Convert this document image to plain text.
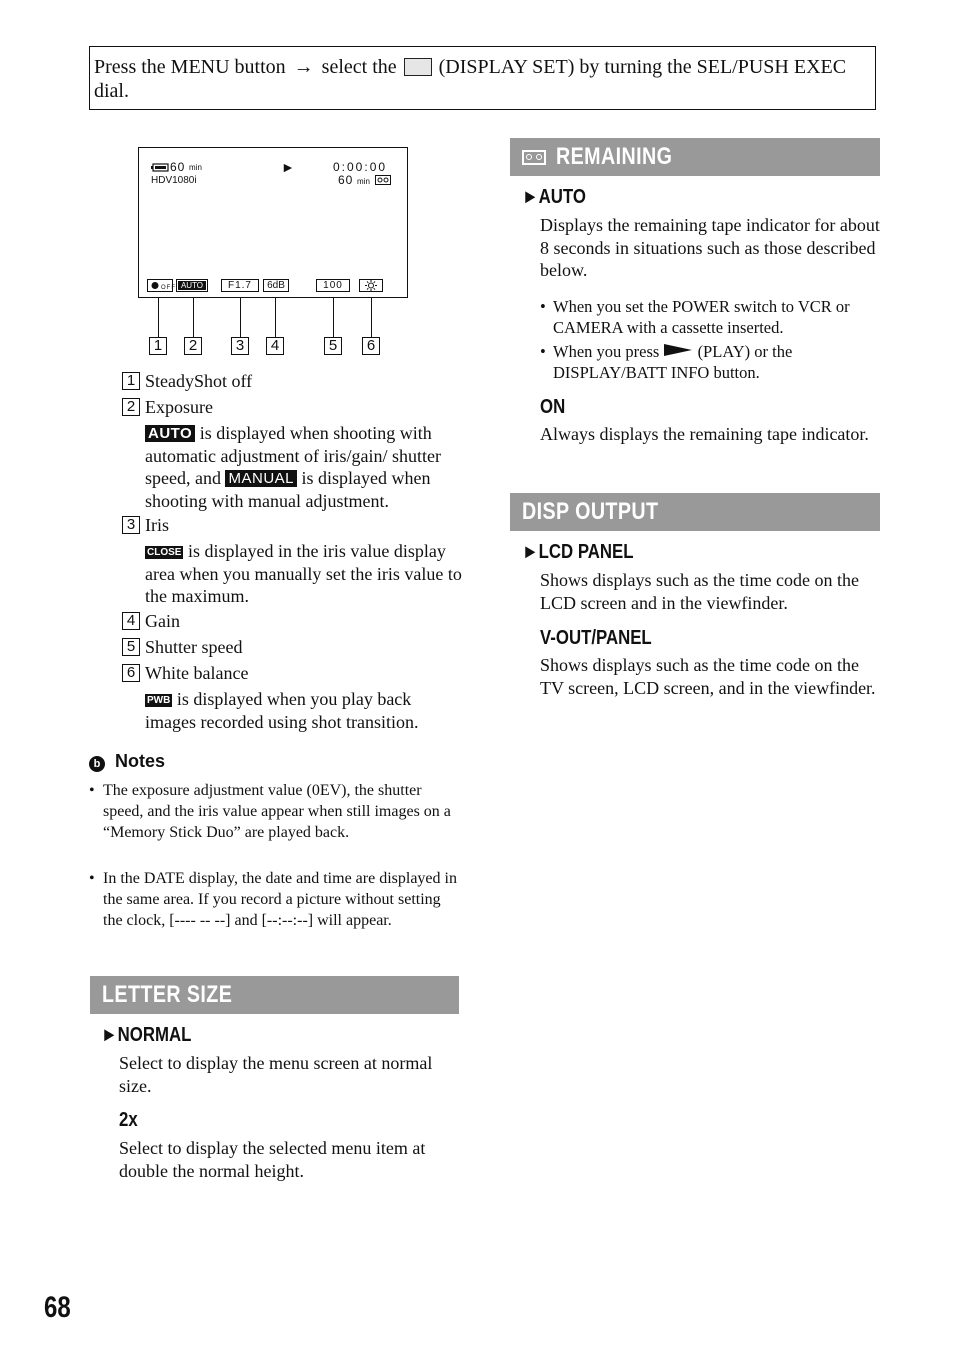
Press the MENU button → select the (DISPLAY SET) by turning the SEL/PUSH EXEC dial.
60 min
HDV1080i
►	0:00:00
60 min
OFF AUTO	F1.7	6dB	100
1	2	3	4	5	6
1 SteadyShot off
2 Exposure
AUTO is displayed when shooting with automatic adjustment of iris/gain/ shutter speed, and MANUAL is displayed when shooting with manual adjustment.
3 Iris
CLOSE is displayed in the iris value display area when you manually set the iris value to the maximum.
4 Gain
5 Shutter speed
6 White balance
PWB is displayed when you play back images recorded using shot transition.
b Notes
• The exposure adjustment value (0EV), the shutter speed, and the iris value appear when still images on a “Memory Stick Duo” are played back.
• In the DATE display, the date and time are displayed in the same area. If you record a picture without setting the clock, [---- -- --] and [--:--:--] will appear.
LETTER SIZE
►NORMAL
Select to display the menu screen at normal size.
2x
Select to display the selected menu item at double the normal height.
REMAINING
►AUTO
Displays the remaining tape indicator for about 8 seconds in situations such as those described below.
• When you set the POWER switch to VCR or CAMERA with a cassette inserted.
• When you press  (PLAY) or the DISPLAY/BATT INFO button.
ON
Always displays the remaining tape indicator.
DISP OUTPUT
►LCD PANEL
Shows displays such as the time code on the LCD screen and in the viewfinder.
V-OUT/PANEL
Shows displays such as the time code on the TV screen, LCD screen, and in the viewfinder.
68
